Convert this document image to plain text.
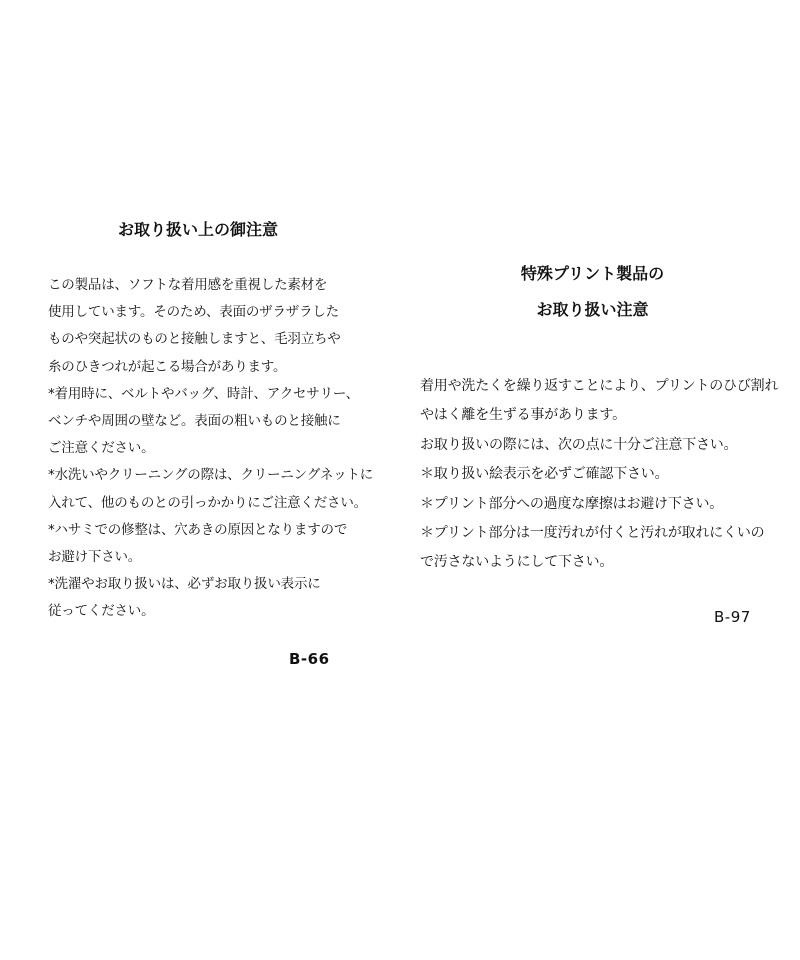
お取り扱い上の御注意
この製品は、ソフトな着用感を重視した素材を
使用しています。そのため、表面のザラザラした
ものや突起状のものと接触しますと、毛羽立ちや
糸のひきつれが起こる場合があります。
*着用時に、ベルトやバッグ、時計、アクセサリー、
ベンチや周囲の壁など。表面の粗いものと接触に
ご注意ください。
*水洗いやクリーニングの際は、クリーニングネットに
入れて、他のものとの引っかかりにご注意ください。
*ハサミでの修整は、穴あきの原因となりますので
お避け下さい。
*洗濯やお取り扱いは、必ずお取り扱い表示に
従ってください。
B-66
特殊プリント製品の
お取り扱い注意
着用や洗たくを繰り返すことにより、プリントのひび割れ
やはく離を生ずる事があります。
お取り扱いの際には、次の点に十分ご注意下さい。
＊取り扱い絵表示を必ずご確認下さい。
＊プリント部分への過度な摩擦はお避け下さい。
＊プリント部分は一度汚れが付くと汚れが取れにくいの
で汚さないようにして下さい。
B-97
